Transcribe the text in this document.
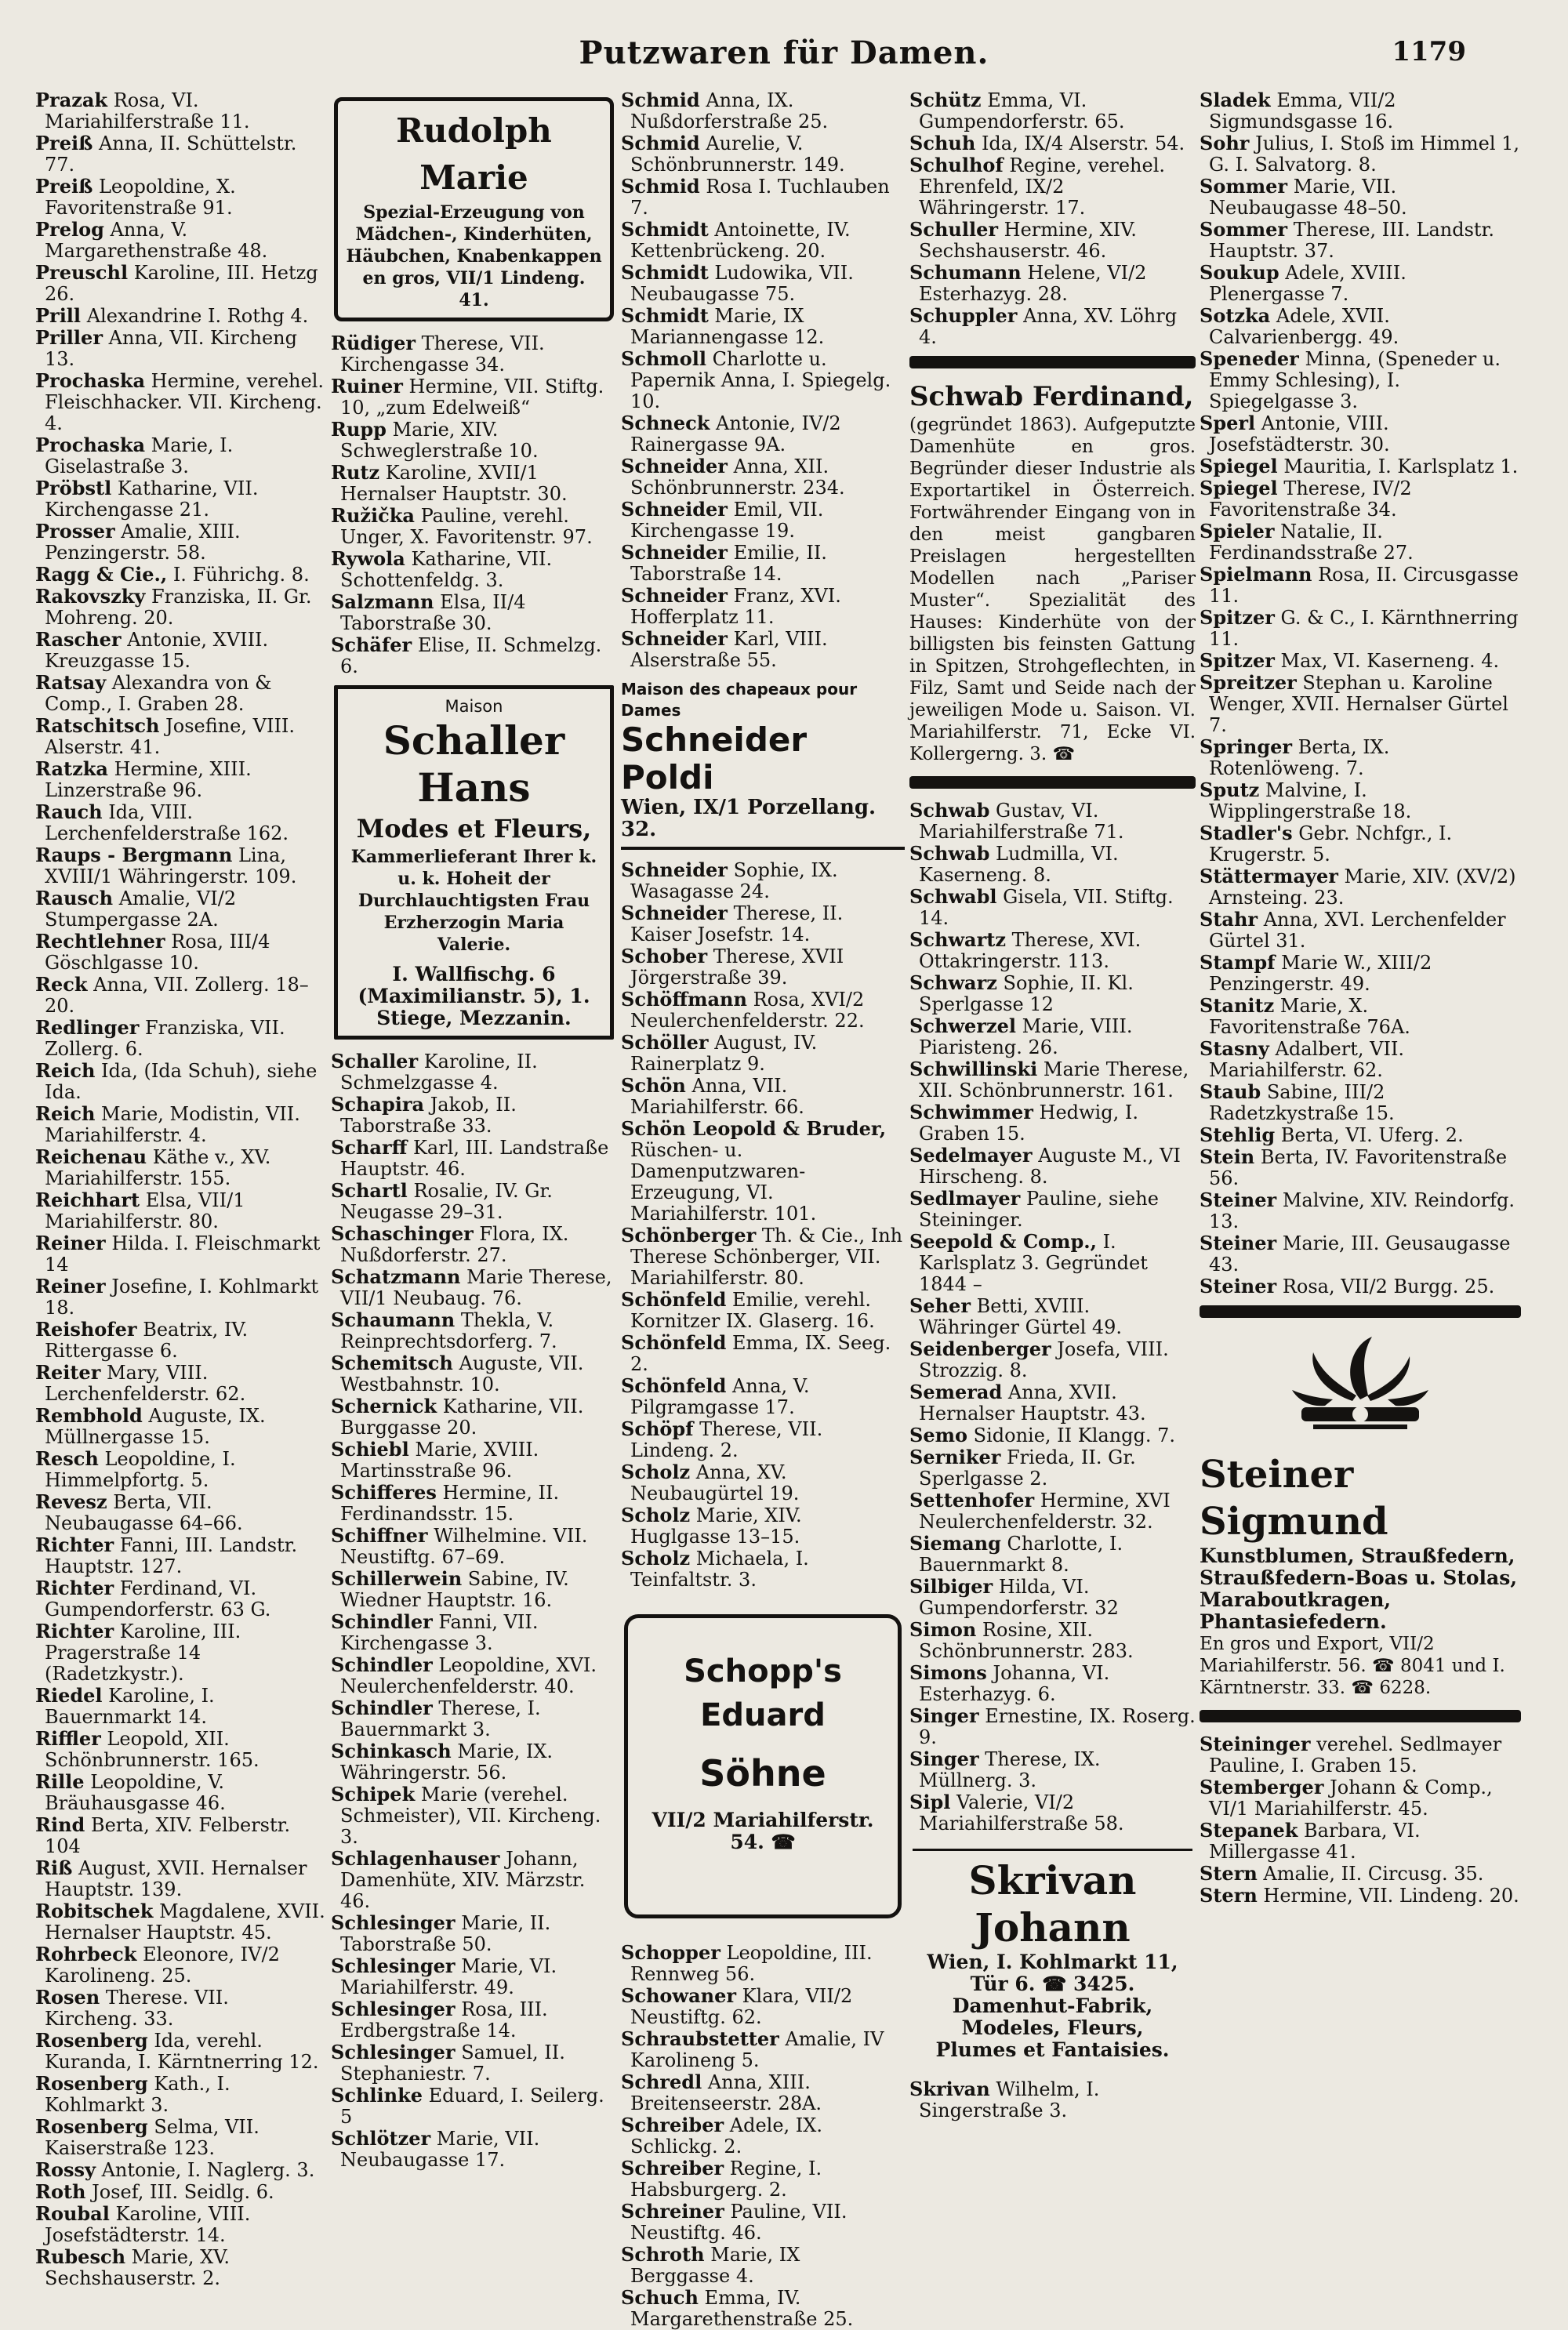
Putzwaren für Damen.	1179

Prazak Rosa, VI. Mariahilferstraße 11.

Preiß Anna, II. Schüttelstr. 77.

Preiß Leopoldine, X. Favoritenstraße 91.

Prelog Anna, V. Margarethenstraße 48.

Preuschl Karoline, III. Hetzg 26.

Prill Alexandrine I. Rothg 4.

Priller Anna, VII. Kircheng 13.

Prochaska Hermine, verehel. Fleischhacker. VII. Kircheng. 4.

Prochaska Marie, I. Giselastraße 3.

Pröbstl Katharine, VII. Kirchengasse 21.

Prosser Amalie, XIII. Penzingerstr. 58.

Ragg & Cie., I. Führichg. 8.

Rakovszky Franziska, II. Gr. Mohreng. 20.

Rascher Antonie, XVIII. Kreuzgasse 15.

Ratsay Alexandra von & Comp., I. Graben 28.

Ratschitsch Josefine, VIII. Alserstr. 41.

Ratzka Hermine, XIII. Linzerstraße 96.

Rauch Ida, VIII. Lerchenfelderstraße 162.

Raups - Bergmann Lina, XVIII/1 Währingerstr. 109.

Rausch Amalie, VI/2 Stumpergasse 2A.

Rechtlehner Rosa, III/4 Göschlgasse 10.

Reck Anna, VII. Zollerg. 18–20.

Redlinger Franziska, VII. Zollerg. 6.

Reich Ida, (Ida Schuh), siehe Ida.

Reich Marie, Modistin, VII. Mariahilferstr. 4.

Reichenau Käthe v., XV. Mariahilferstr. 155.

Reichhart Elsa, VII/1 Mariahilferstr. 80.

Reiner Hilda. I. Fleischmarkt 14

Reiner Josefine, I. Kohlmarkt 18.

Reishofer Beatrix, IV. Rittergasse 6.

Reiter Mary, VIII. Lerchenfelderstr. 62.

Rembhold Auguste, IX. Müllnergasse 15.

Resch Leopoldine, I. Himmelpfortg. 5.

Revesz Berta, VII. Neubaugasse 64–66.

Richter Fanni, III. Landstr. Hauptstr. 127.

Richter Ferdinand, VI. Gumpendorferstr. 63 G.

Richter Karoline, III. Pragerstraße 14 (Radetzkystr.).

Riedel Karoline, I. Bauernmarkt 14.

Riffler Leopold, XII. Schönbrunnerstr. 165.

Rille Leopoldine, V. Bräuhausgasse 46.

Rind Berta, XIV. Felberstr. 104

Riß August, XVII. Hernalser Hauptstr. 139.

Robitschek Magdalene, XVII. Hernalser Hauptstr. 45.

Rohrbeck Eleonore, IV/2 Karolineng. 25.

Rosen Therese. VII. Kircheng. 33.

Rosenberg Ida, verehl. Kuranda, I. Kärntnerring 12.

Rosenberg Kath., I. Kohlmarkt 3.

Rosenberg Selma, VII. Kaiserstraße 123.

Rossy Antonie, I. Naglerg. 3.

Roth Josef, III. Seidlg. 6.

Roubal Karoline, VIII. Josefstädterstr. 14.

Rubesch Marie, XV. Sechshauserstr. 2.

Rudolph Marie
Spezial-Erzeugung von Mädchen-, Kinderhüten, Häubchen, Knabenkappen en gros, VII/1 Lindeng. 41.

Rüdiger Therese, VII. Kirchengasse 34.

Ruiner Hermine, VII. Stiftg. 10, „zum Edelweiß“

Rupp Marie, XIV. Schweglerstraße 10.

Rutz Karoline, XVII/1 Hernalser Hauptstr. 30.

Ružička Pauline, verehl. Unger, X. Favoritenstr. 97.

Rywola Katharine, VII. Schottenfeldg. 3.

Salzmann Elsa, II/4 Taborstraße 30.

Schäfer Elise, II. Schmelzg. 6.

Maison
Schaller Hans
Modes et Fleurs,
Kammerlieferant Ihrer k. u. k. Hoheit der Durchlauchtigsten Frau Erzherzogin Maria Valerie.
I. Wallfischg. 6 (Maximilianstr. 5), 1. Stiege, Mezzanin.

Schaller Karoline, II. Schmelzgasse 4.

Schapira Jakob, II. Taborstraße 33.

Scharff Karl, III. Landstraße Hauptstr. 46.

Schartl Rosalie, IV. Gr. Neugasse 29–31.

Schaschinger Flora, IX. Nußdorferstr. 27.

Schatzmann Marie Therese, VII/1 Neubaug. 76.

Schaumann Thekla, V. Reinprechtsdorferg. 7.

Schemitsch Auguste, VII. Westbahnstr. 10.

Schernick Katharine, VII. Burggasse 20.

Schiebl Marie, XVIII. Martinsstraße 96.

Schifferes Hermine, II. Ferdinandsstr. 15.

Schiffner Wilhelmine. VII. Neustiftg. 67–69.

Schillerwein Sabine, IV. Wiedner Hauptstr. 16.

Schindler Fanni, VII. Kirchengasse 3.

Schindler Leopoldine, XVI. Neulerchenfelderstr. 40.

Schindler Therese, I. Bauernmarkt 3.

Schinkasch Marie, IX. Währingerstr. 56.

Schipek Marie (verehel. Schmeister), VII. Kircheng. 3.

Schlagenhauser Johann, Damenhüte, XIV. Märzstr. 46.

Schlesinger Marie, II. Taborstraße 50.

Schlesinger Marie, VI. Mariahilferstr. 49.

Schlesinger Rosa, III. Erdbergstraße 14.

Schlesinger Samuel, II. Stephaniestr. 7.

Schlinke Eduard, I. Seilerg. 5

Schlötzer Marie, VII. Neubaugasse 17.

Schmid Anna, IX. Nußdorferstraße 25.

Schmid Aurelie, V. Schönbrunnerstr. 149.

Schmid Rosa I. Tuchlauben 7.

Schmidt Antoinette, IV. Kettenbrückeng. 20.

Schmidt Ludowika, VII. Neubaugasse 75.

Schmidt Marie, IX Mariannengasse 12.

Schmoll Charlotte u. Papernik Anna, I. Spiegelg. 10.

Schneck Antonie, IV/2 Rainergasse 9A.

Schneider Anna, XII. Schönbrunnerstr. 234.

Schneider Emil, VII. Kirchengasse 19.

Schneider Emilie, II. Taborstraße 14.

Schneider Franz, XVI. Hofferplatz 11.

Schneider Karl, VIII. Alserstraße 55.

Maison des chapeaux pour Dames
Schneider Poldi
Wien, IX/1 Porzellang. 32.

Schneider Sophie, IX. Wasagasse 24.

Schneider Therese, II. Kaiser Josefstr. 14.

Schober Therese, XVII Jörgerstraße 39.

Schöffmann Rosa, XVI/2 Neulerchenfelderstr. 22.

Schöller August, IV. Rainerplatz 9.

Schön Anna, VII. Mariahilferstr. 66.

Schön Leopold & Bruder, Rüschen- u. Damenputzwaren-Erzeugung, VI. Mariahilferstr. 101.

Schönberger Th. & Cie., Inh Therese Schönberger, VII. Mariahilferstr. 80.

Schönfeld Emilie, verehl. Kornitzer IX. Glaserg. 16.

Schönfeld Emma, IX. Seeg. 2.

Schönfeld Anna, V. Pilgramgasse 17.

Schöpf Therese, VII. Lindeng. 2.

Scholz Anna, XV. Neubaugürtel 19.

Scholz Marie, XIV. Huglgasse 13–15.

Scholz Michaela, I. Teinfaltstr. 3.

Schopp's Eduard
Söhne
VII/2 Mariahilferstr. 54. ☎

Schopper Leopoldine, III. Rennweg 56.

Schowaner Klara, VII/2 Neustiftg. 62.

Schraubstetter Amalie, IV Karolineng 5.

Schredl Anna, XIII. Breitenseerstr. 28A.

Schreiber Adele, IX. Schlickg. 2.

Schreiber Regine, I. Habsburgerg. 2.

Schreiner Pauline, VII. Neustiftg. 46.

Schroth Marie, IX Berggasse 4.

Schuch Emma, IV. Margarethenstraße 25.

Schütz Emma, VI. Gumpendorferstr. 65.

Schuh Ida, IX/4 Alserstr. 54.

Schulhof Regine, verehel. Ehrenfeld, IX/2 Währingerstr. 17.

Schuller Hermine, XIV. Sechshauserstr. 46.

Schumann Helene, VI/2 Esterhazyg. 28.

Schuppler Anna, XV. Löhrg 4.

Schwab Ferdinand,
(gegründet 1863). Aufgeputzte Damenhüte en gros. Begründer dieser Industrie als Exportartikel in Österreich. Fortwährender Eingang von in den meist gangbaren Preislagen hergestellten Modellen nach „Pariser Muster“. Spezialität des Hauses: Kinderhüte von der billigsten bis feinsten Gattung in Spitzen, Strohgeflechten, in Filz, Samt und Seide nach der jeweiligen Mode u. Saison. VI. Mariahilferstr. 71, Ecke VI. Kollergerng. 3. ☎

Schwab Gustav, VI. Mariahilferstraße 71.

Schwab Ludmilla, VI. Kaserneng. 8.

Schwabl Gisela, VII. Stiftg. 14.

Schwartz Therese, XVI. Ottakringerstr. 113.

Schwarz Sophie, II. Kl. Sperlgasse 12

Schwerzel Marie, VIII. Piaristeng. 26.

Schwillinski Marie Therese, XII. Schönbrunnerstr. 161.

Schwimmer Hedwig, I. Graben 15.

Sedelmayer Auguste M., VI Hirscheng. 8.

Sedlmayer Pauline, siehe Steininger.

Seepold & Comp., I. Karlsplatz 3. Gegründet 1844 –

Seher Betti, XVIII. Währinger Gürtel 49.

Seidenberger Josefa, VIII. Strozzig. 8.

Semerad Anna, XVII. Hernalser Hauptstr. 43.

Semo Sidonie, II Klangg. 7.

Serniker Frieda, II. Gr. Sperlgasse 2.

Settenhofer Hermine, XVI Neulerchenfelderstr. 32.

Siemang Charlotte, I. Bauernmarkt 8.

Silbiger Hilda, VI. Gumpendorferstr. 32

Simon Rosine, XII. Schönbrunnerstr. 283.

Simons Johanna, VI. Esterhazyg. 6.

Singer Ernestine, IX. Roserg. 9.

Singer Therese, IX. Müllnerg. 3.

Sipl Valerie, VI/2 Mariahilferstraße 58.

Skrivan Johann
Wien, I. Kohlmarkt 11, Tür 6. ☎ 3425. Damenhut-Fabrik, Modeles, Fleurs, Plumes et Fantaisies.

Skrivan Wilhelm, I. Singerstraße 3.

Sladek Emma, VII/2 Sigmundsgasse 16.

Sohr Julius, I. Stoß im Himmel 1, G. I. Salvatorg. 8.

Sommer Marie, VII. Neubaugasse 48–50.

Sommer Therese, III. Landstr. Hauptstr. 37.

Soukup Adele, XVIII. Plenergasse 7.

Sotzka Adele, XVII. Calvarienbergg. 49.

Speneder Minna, (Speneder u. Emmy Schlesing), I. Spiegelgasse 3.

Sperl Antonie, VIII. Josefstädterstr. 30.

Spiegel Mauritia, I. Karlsplatz 1.

Spiegel Therese, IV/2 Favoritenstraße 34.

Spieler Natalie, II. Ferdinandsstraße 27.

Spielmann Rosa, II. Circusgasse 11.

Spitzer G. & C., I. Kärnthnerring 11.

Spitzer Max, VI. Kaserneng. 4.

Spreitzer Stephan u. Karoline Wenger, XVII. Hernalser Gürtel 7.

Springer Berta, IX. Rotenlöweng. 7.

Sputz Malvine, I. Wipplingerstraße 18.

Stadler's Gebr. Nchfgr., I. Krugerstr. 5.

Stättermayer Marie, XIV. (XV/2) Arnsteing. 23.

Stahr Anna, XVI. Lerchenfelder Gürtel 31.

Stampf Marie W., XIII/2 Penzingerstr. 49.

Stanitz Marie, X. Favoritenstraße 76A.

Stasny Adalbert, VII. Mariahilferstr. 62.

Staub Sabine, III/2 Radetzkystraße 15.

Stehlig Berta, VI. Uferg. 2.

Stein Berta, IV. Favoritenstraße 56.

Steiner Malvine, XIV. Reindorfg. 13.

Steiner Marie, III. Geusaugasse 43.

Steiner Rosa, VII/2 Burgg. 25.

Steiner Sigmund
Kunstblumen, Straußfedern, Straußfedern-Boas u. Stolas, Maraboutkragen, Phantasiefedern.
En gros und Export, VII/2 Mariahilferstr. 56. ☎ 8041 und I. Kärntnerstr. 33. ☎ 6228.

Steininger verehel. Sedlmayer Pauline, I. Graben 15.

Stemberger Johann & Comp., VI/1 Mariahilferstr. 45.

Stepanek Barbara, VI. Millergasse 41.

Stern Amalie, II. Circusg. 35.

Stern Hermine, VII. Lindeng. 20.
